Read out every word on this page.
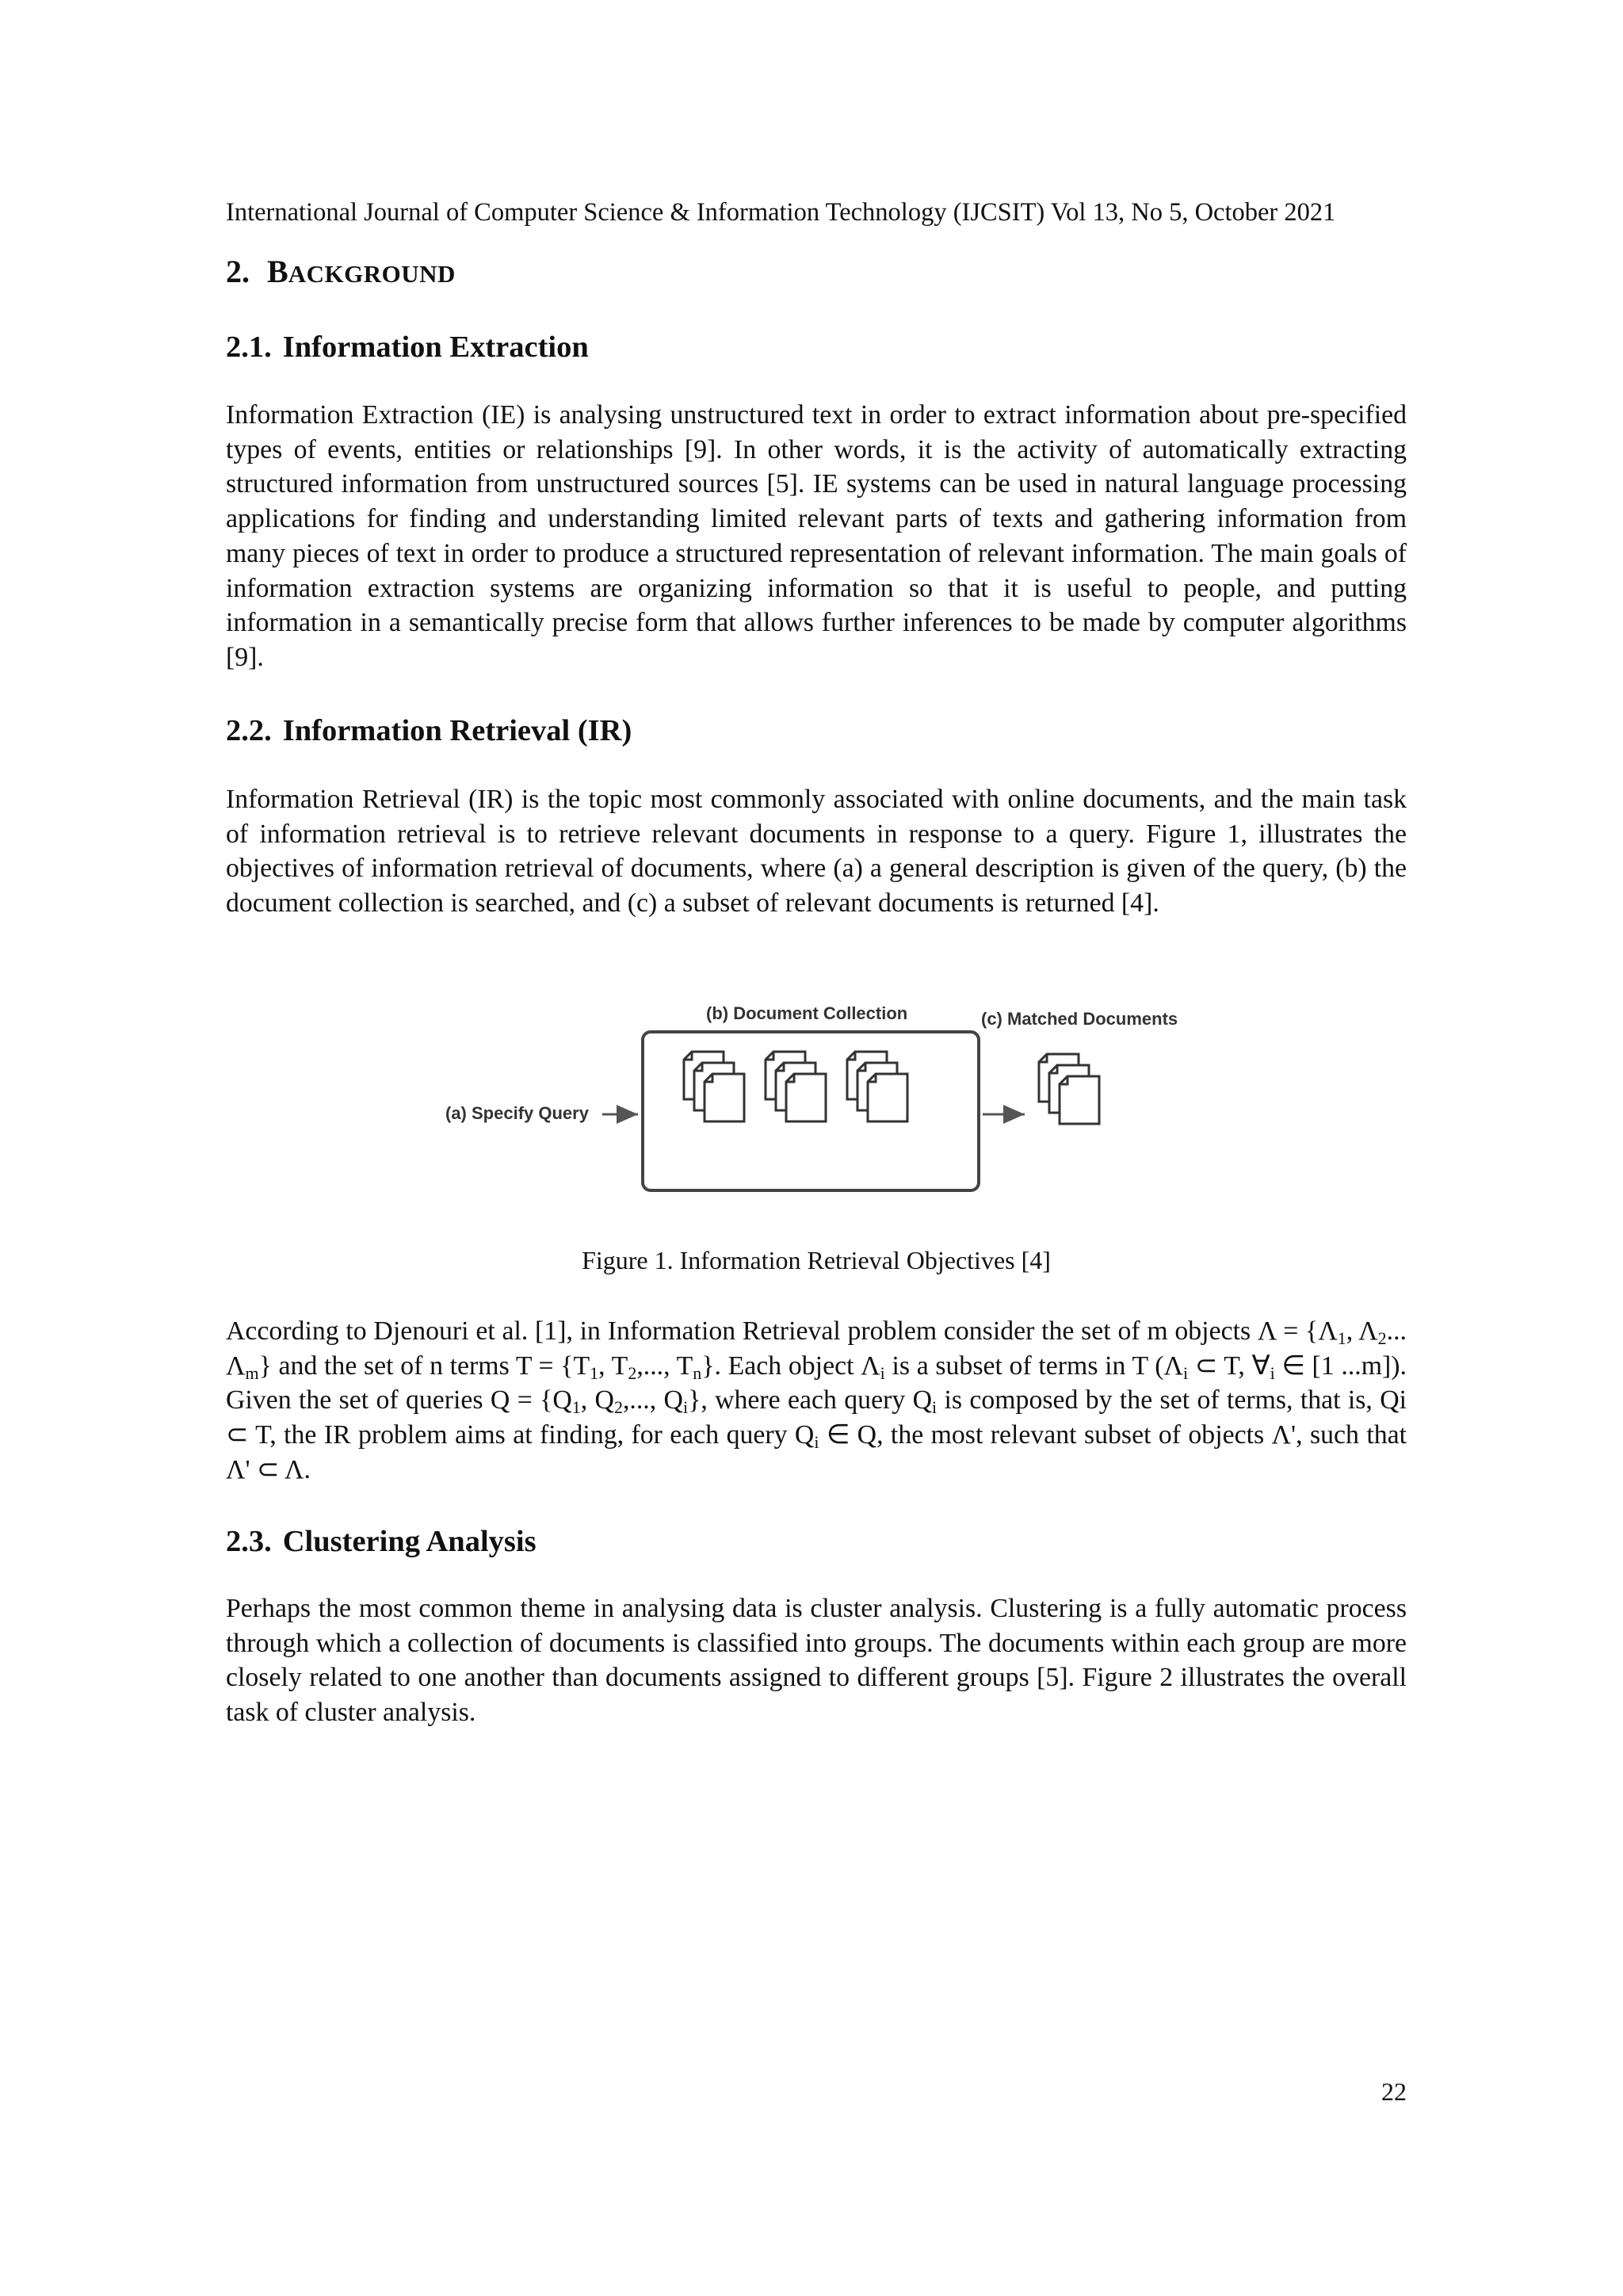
International Journal of Computer Science & Information Technology (IJCSIT) Vol 13, No 5, October 2021
2. BACKGROUND
2.1. Information Extraction

Information Extraction (IE) is analysing unstructured text in order to extract information about pre-specified types of events, entities or relationships [9]. In other words, it is the activity of automatically extracting structured information from unstructured sources [5]. IE systems can be used in natural language processing applications for finding and understanding limited relevant parts of texts and gathering information from many pieces of text in order to produce a structured representation of relevant information. The main goals of information extraction systems are organizing information so that it is useful to people, and putting information in a semantically precise form that allows further inferences to be made by computer algorithms [9].

2.2. Information Retrieval (IR)

Information Retrieval (IR) is the topic most commonly associated with online documents, and the main task of information retrieval is to retrieve relevant documents in response to a query. Figure 1, illustrates the objectives of information retrieval of documents, where (a) a general description is given of the query, (b) the document collection is searched, and (c) a subset of relevant documents is returned [4].

(a) Specify Query
(b) Document Collection	(c) Matched Documents
Figure 1. Information Retrieval Objectives [4]

According to Djenouri et al. [1], in Information Retrieval problem consider the set of m objects $\Lambda = \{\Lambda_1$, $\Lambda_2$... $\Lambda_m$} and the set of n terms $T = \{T_1$, $T_2$,..., $T_n$}. Each object $\Lambda_i$ is a subset of terms in T ($\Lambda_i$ ⊂ T, $\forall_i$ ∈ [1 ...m]). Given the set of queries $Q = \{Q_1$, $Q_2$,..., $Q_i$}, where each query $Q_i$ is composed by the set of terms, that is, Qi ⊂ T, the IR problem aims at finding, for each query $Q_i$ ∈ Q, the most relevant subset of objects Λ', such that Λ' ⊂ Λ.

2.3. Clustering Analysis

Perhaps the most common theme in analysing data is cluster analysis. Clustering is a fully automatic process through which a collection of documents is classified into groups. The documents within each group are more closely related to one another than documents assigned to different groups [5]. Figure 2 illustrates the overall task of cluster analysis.

22
